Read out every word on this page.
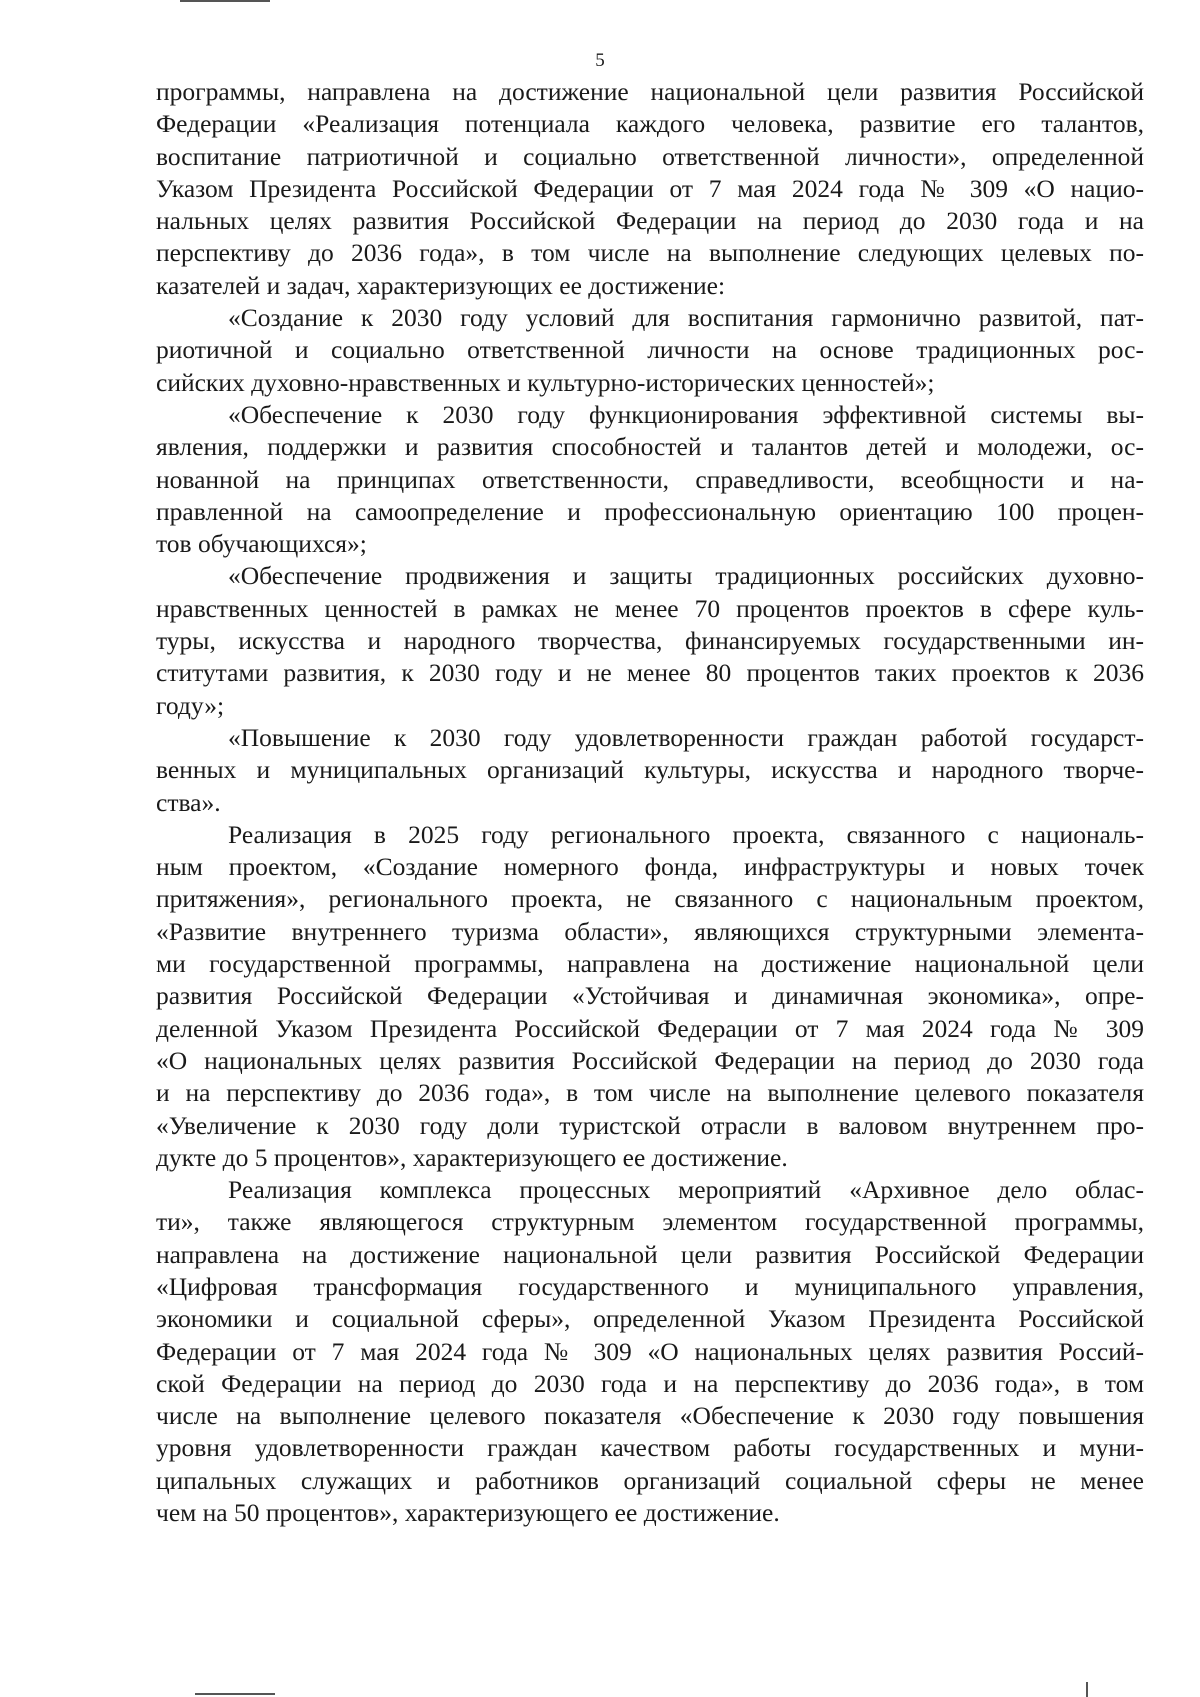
5
программы, направлена на достижение национальной цели развития Российской
Федерации «Реализация потенциала каждого человека, развитие его талантов,
воспитание патриотичной и социально ответственной личности», определенной
Указом Президента Российской Федерации от 7 мая 2024 года № 309 «О нацио-
нальных целях развития Российской Федерации на период до 2030 года и на
перспективу до 2036 года», в том числе на выполнение следующих целевых по-
казателей и задач, характеризующих ее достижение:
«Создание к 2030 году условий для воспитания гармонично развитой, пат-
риотичной и социально ответственной личности на основе традиционных рос-
сийских духовно-нравственных и культурно-исторических ценностей»;
«Обеспечение к 2030 году функционирования эффективной системы вы-
явления, поддержки и развития способностей и талантов детей и молодежи, ос-
нованной на принципах ответственности, справедливости, всеобщности и на-
правленной на самоопределение и профессиональную ориентацию 100 процен-
тов обучающихся»;
«Обеспечение продвижения и защиты традиционных российских духовно-
нравственных ценностей в рамках не менее 70 процентов проектов в сфере куль-
туры, искусства и народного творчества, финансируемых государственными ин-
ститутами развития, к 2030 году и не менее 80 процентов таких проектов к 2036
году»;
«Повышение к 2030 году удовлетворенности граждан работой государст-
венных и муниципальных организаций культуры, искусства и народного творче-
ства».
Реализация в 2025 году регионального проекта, связанного с националь-
ным проектом, «Создание номерного фонда, инфраструктуры и новых точек
притяжения», регионального проекта, не связанного с национальным проектом,
«Развитие внутреннего туризма области», являющихся структурными элемента-
ми государственной программы, направлена на достижение национальной цели
развития Российской Федерации «Устойчивая и динамичная экономика», опре-
деленной Указом Президента Российской Федерации от 7 мая 2024 года № 309
«О национальных целях развития Российской Федерации на период до 2030 года
и на перспективу до 2036 года», в том числе на выполнение целевого показателя
«Увеличение к 2030 году доли туристской отрасли в валовом внутреннем про-
дукте до 5 процентов», характеризующего ее достижение.
Реализация комплекса процессных мероприятий «Архивное дело облас-
ти», также являющегося структурным элементом государственной программы,
направлена на достижение национальной цели развития Российской Федерации
«Цифровая трансформация государственного и муниципального управления,
экономики и социальной сферы», определенной Указом Президента Российской
Федерации от 7 мая 2024 года № 309 «О национальных целях развития Россий-
ской Федерации на период до 2030 года и на перспективу до 2036 года», в том
числе на выполнение целевого показателя «Обеспечение к 2030 году повышения
уровня удовлетворенности граждан качеством работы государственных и муни-
ципальных служащих и работников организаций социальной сферы не менее
чем на 50 процентов», характеризующего ее достижение.
